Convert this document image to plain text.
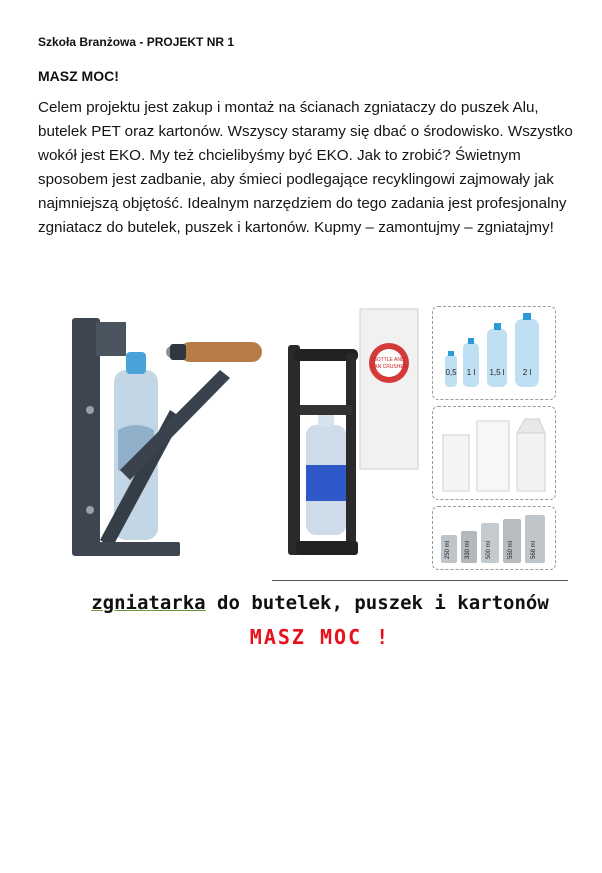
Szkoła Branżowa - PROJEKT NR 1
MASZ MOC!
Celem projektu jest zakup i montaż na ścianach zgniataczy do puszek Alu, butelek PET oraz kartonów. Wszyscy staramy się dbać o środowisko. Wszystko wokół jest EKO. My też chcielibyśmy być EKO. Jak to zrobić? Świetnym sposobem jest zadbanie, aby śmieci podlegające recyklingowi zajmowały jak najmniejszą objętość. Idealnym narzędziem do tego zadania jest profesjonalny zgniatacz do butelek, puszek i kartonów. Kupmy – zamontujmy – zgniatajmy!
BOTTLE AND
CAN CRUSHER
0,5 1 l 1,5 l 2 l
250 ml 330 ml	500 ml	550 ml	568 ml
zgniatarka do butelek, puszek i kartonów
MASZ MOC !
